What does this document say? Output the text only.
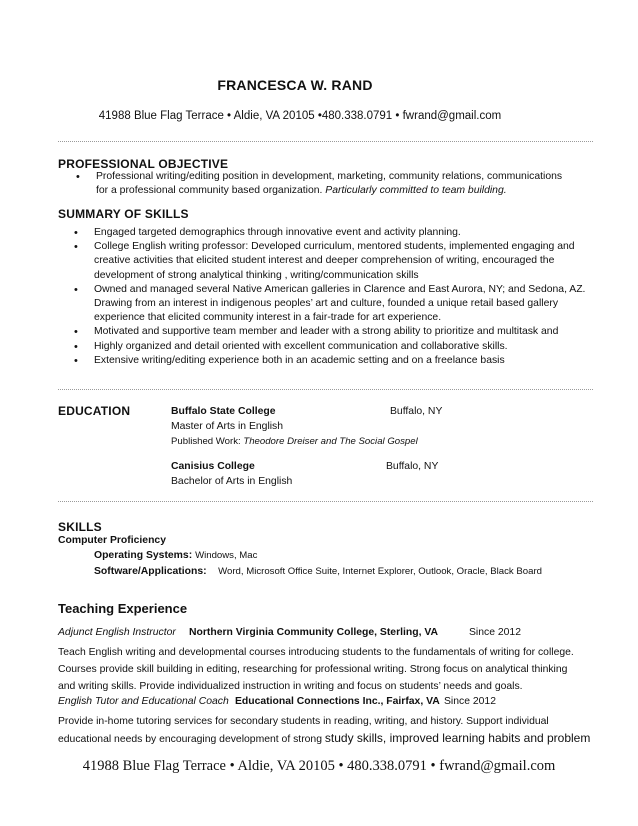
FRANCESCA W. RAND
41988 Blue Flag Terrace • Aldie, VA 20105 •480.338.0791 • fwrand@gmail.com
PROFESSIONAL OBJECTIVE
• Professional writing/editing position in development, marketing, community relations, communications
for a professional community based organization. Particularly committed to team building.
SUMMARY OF SKILLS
• Engaged targeted demographics through innovative event and activity planning.
• College English writing professor: Developed curriculum, mentored students, implemented engaging and
creative activities that elicited student interest and deeper comprehension of writing, encouraged the
development of strong analytical thinking , writing/communication skills
• Owned and managed several Native American galleries in Clarence and East Aurora, NY; and Sedona, AZ.
Drawing from an interest in indigenous peoples’ art and culture, founded a unique retail based gallery
experience that elicited community interest in a fair-trade for art experience.
• Motivated and supportive team member and leader with a strong ability to prioritize and multitask and
• Highly organized and detail oriented with excellent communication and collaborative skills.
• Extensive writing/editing experience both in an academic setting and on a freelance basis
EDUCATION	Buffalo State College	Buffalo, NY
Master of Arts in English
Published Work: Theodore Dreiser and The Social Gospel
Canisius College	Buffalo, NY
Bachelor of Arts in English
SKILLS
Computer Proficiency
Operating Systems: Windows, Mac
Software/Applications: Word, Microsoft Office Suite, Internet Explorer, Outlook, Oracle, Black Board
Teaching Experience
Adjunct English Instructor Northern Virginia Community College, Sterling, VA	Since 2012
Teach English writing and developmental courses introducing students to the fundamentals of writing for college.
Courses provide skill building in editing, researching for professional writing. Strong focus on analytical thinking
and writing skills. Provide individualized instruction in writing and focus on students’ needs and goals.
English Tutor and Educational Coach Educational Connections Inc., Fairfax, VA Since 2012
Provide in-home tutoring services for secondary students in reading, writing, and history. Support individual
educational needs by encouraging development of strong study skills, improved learning habits and problem
41988 Blue Flag Terrace • Aldie, VA 20105 • 480.338.0791 • fwrand@gmail.com
